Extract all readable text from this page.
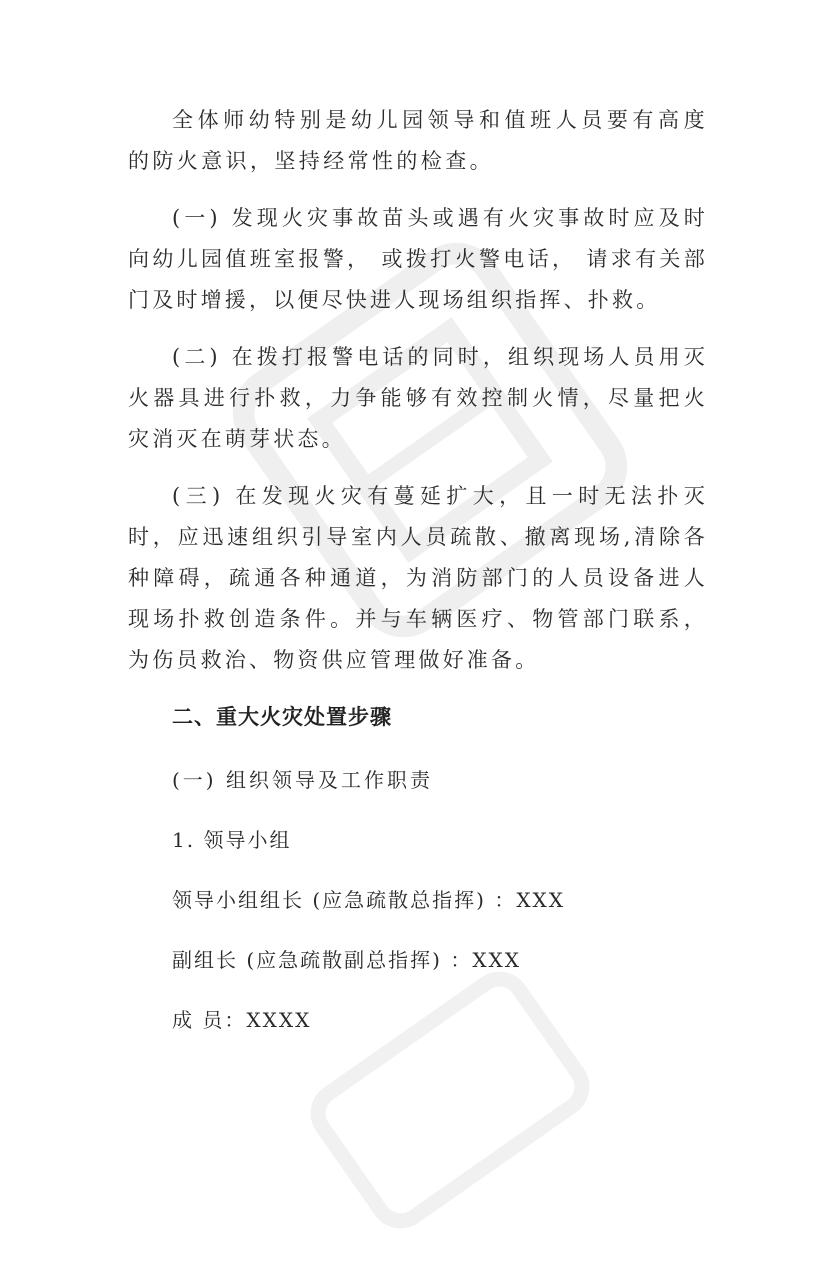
全体师幼特别是幼儿园领导和值班人员要有高度的防火意识，坚持经常性的检查。

(一) 发现火灾事故苗头或遇有火灾事故时应及时向幼儿园值班室报警， 或拨打火警电话， 请求有关部门及时增援，以便尽快进人现场组织指挥、扑救。

(二) 在拨打报警电话的同时，组织现场人员用灭火器具进行扑救，力争能够有效控制火情，尽量把火灾消灭在萌芽状态。

(三) 在发现火灾有蔓延扩大，且一时无法扑灭时，应迅速组织引导室内人员疏散、撤离现场,清除各种障碍，疏通各种通道，为消防部门的人员设备进人现场扑救创造条件。并与车辆医疗、物管部门联系，为伤员救治、物资供应管理做好准备。

二、重大火灾处置步骤
(一) 组织领导及工作职责
1. 领导小组
领导小组组长 (应急疏散总指挥) ：XXX
副组长 (应急疏散副总指挥) ：XXX
成 员：XXXX
